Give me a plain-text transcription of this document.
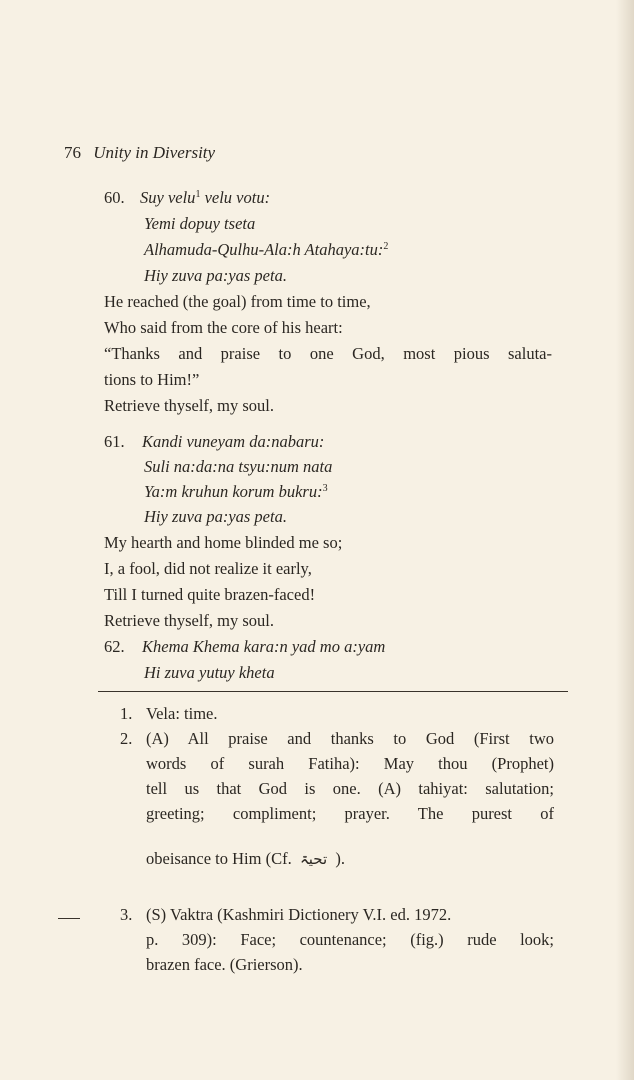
76 Unity in Diversity
60. Suy velu$^1$ velu votu:
Yemi dopuy tseta
Alhamuda-Qulhu-Ala:h Atahaya:tu:$^2$
Hiy zuva pa:yas peta.
He reached (the goal) from time to time,
Who said from the core of his heart:
“Thanks and praise to one God, most pious saluta-
tions to Him!”
Retrieve thyself, my soul.
61. Kandi vuneyam da:nabaru:
Suli na:da:na tsyu:num nata
Ya:m kruhun korum bukru:$^3$
Hiy zuva pa:yas peta.
My hearth and home blinded me so;
I, a fool, did not realize it early,
Till I turned quite brazen-faced!
Retrieve thyself, my soul.
62. Khema Khema kara:n yad mo a:yam
Hi zuva yutuy kheta
1. Vela: time.
2. (A) All praise and thanks to God (First two
words of surah Fatiha): May thou (Prophet)
tell us that God is one. (A) tahiyat: salutation;
greeting; compliment; prayer. The purest of
obeisance to Him (Cf. تحیۃ ).
3. (S) Vaktra (Kashmiri Dictionery V.I. ed. 1972.
p. 309): Face; countenance; (fig.) rude look;
brazen face. (Grierson).
